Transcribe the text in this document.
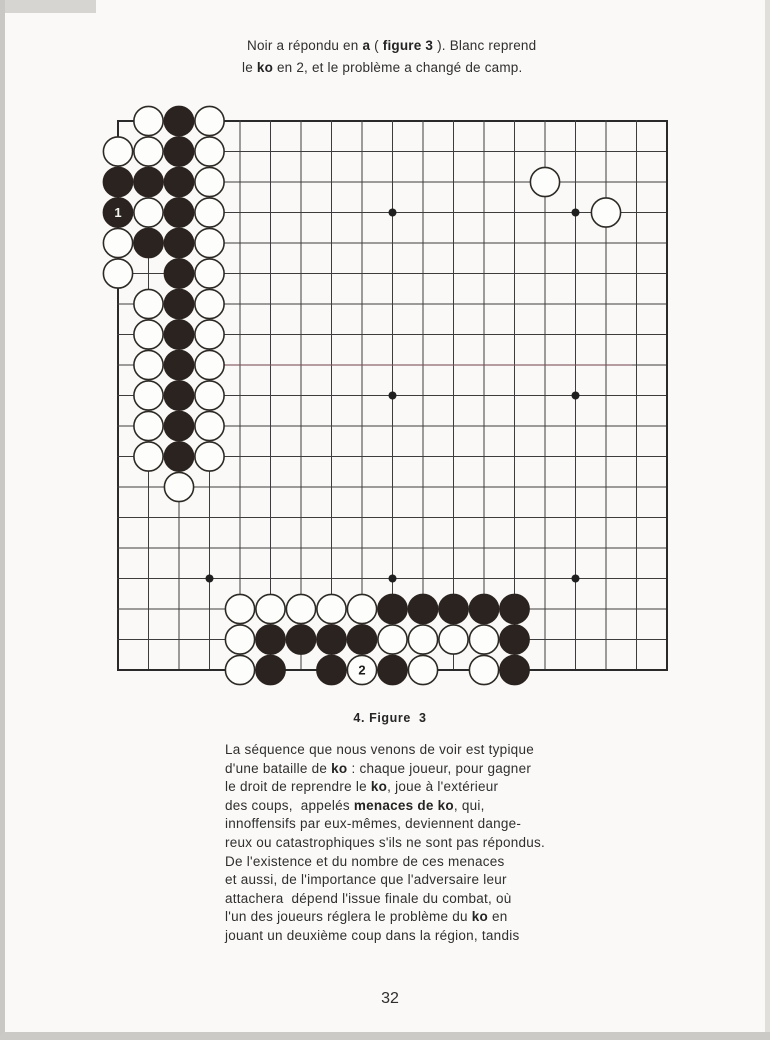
1
2
Noir a répondu en a ( figure 3 ). Blanc reprend
le ko en 2, et le problème a changé de camp.
4. Figure  3
La séquence que nous venons de voir est typique
d'une bataille de ko : chaque joueur, pour gagner
le droit de reprendre le ko, joue à l'extérieur
des coups,  appelés menaces de ko, qui,
innoffensifs par eux-mêmes, deviennent dange-
reux ou catastrophiques s'ils ne sont pas répondus.
De l'existence et du nombre de ces menaces
et aussi, de l'importance que l'adversaire leur
attachera  dépend l'issue finale du combat, où
l'un des joueurs réglera le problème du ko en
jouant un deuxième coup dans la région, tandis
32
